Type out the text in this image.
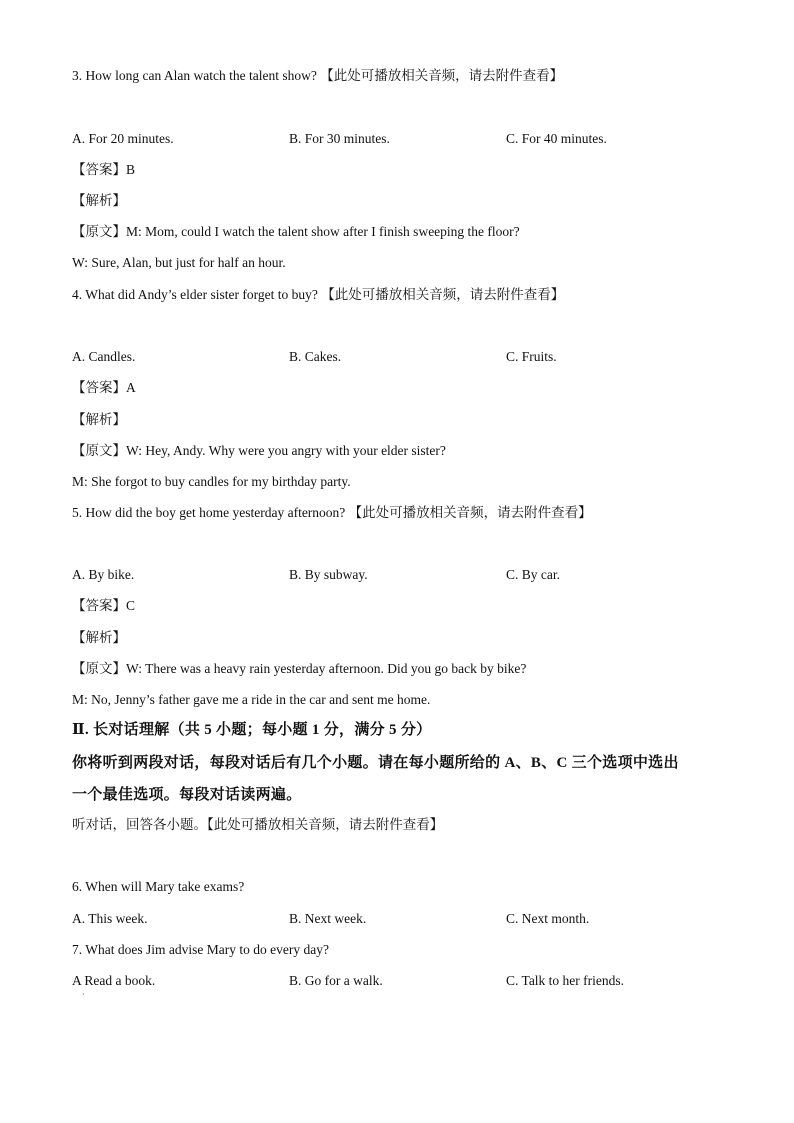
3. How long can Alan watch the talent show? 【此处可播放相关音频，请去附件查看】
A. For 20 minutes.	B. For 30 minutes.	C. For 40 minutes.
【答案】B
【解析】
【原文】M: Mom, could I watch the talent show after I finish sweeping the floor?
W: Sure, Alan, but just for half an hour.
4. What did Andy’s elder sister forget to buy? 【此处可播放相关音频，请去附件查看】
A. Candles.	B. Cakes.	C. Fruits.
【答案】A
【解析】
【原文】W: Hey, Andy. Why were you angry with your elder sister?
M: She forgot to buy candles for my birthday party.
5. How did the boy get home yesterday afternoon? 【此处可播放相关音频，请去附件查看】
A. By bike.	B. By subway.	C. By car.
【答案】C
【解析】
【原文】W: There was a heavy rain yesterday afternoon. Did you go back by bike?
M: No, Jenny’s father gave me a ride in the car and sent me home.
Ⅱ. 长对话理解（共 5 小题；每小题 1 分，满分 5 分）
你将听到两段对话，每段对话后有几个小题。请在每小题所给的 A、B、C 三个选项中选出
一个最佳选项。每段对话读两遍。
听对话，回答各小题。【此处可播放相关音频，请去附件查看】
6. When will Mary take exams?
A. This week.	B. Next week.	C. Next month.
7. What does Jim advise Mary to do every day?
A Read a book.	B. Go for a walk.	C. Talk to her friends.
·
